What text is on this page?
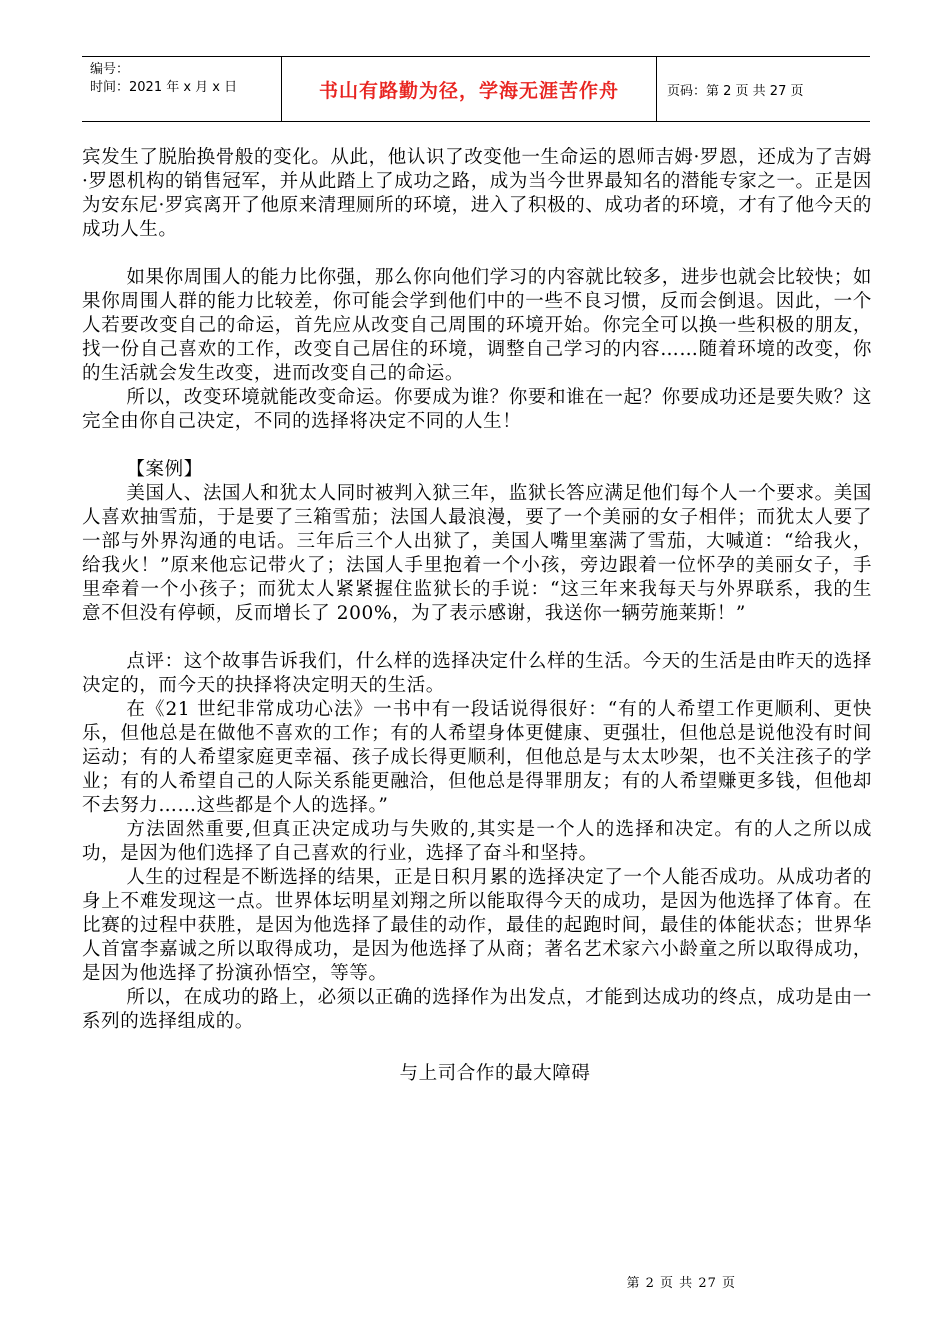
编号：
时间：2021 年 x 月 x 日	书山有路勤为径，学海无涯苦作舟	页码：第 2 页 共 27 页

宾发生了脱胎换骨般的变化。从此，他认识了改变他一生命运的恩师吉姆·罗恩，还成为了吉姆·罗恩机构的销售冠军，并从此踏上了成功之路，成为当今世界最知名的潜能专家之一。正是因为安东尼·罗宾离开了他原来清理厕所的环境，进入了积极的、成功者的环境，才有了他今天的成功人生。

如果你周围人的能力比你强，那么你向他们学习的内容就比较多，进步也就会比较快；如果你周围人群的能力比较差，你可能会学到他们中的一些不良习惯，反而会倒退。因此，一个人若要改变自己的命运，首先应从改变自己周围的环境开始。你完全可以换一些积极的朋友，找一份自己喜欢的工作，改变自己居住的环境，调整自己学习的内容……随着环境的改变，你的生活就会发生改变，进而改变自己的命运。

所以，改变环境就能改变命运。你要成为谁？你要和谁在一起？你要成功还是要失败？这完全由你自己决定，不同的选择将决定不同的人生！

【案例】

美国人、法国人和犹太人同时被判入狱三年，监狱长答应满足他们每个人一个要求。美国人喜欢抽雪茄，于是要了三箱雪茄；法国人最浪漫，要了一个美丽的女子相伴；而犹太人要了一部与外界沟通的电话。三年后三个人出狱了，美国人嘴里塞满了雪茄，大喊道：“给我火，给我火！”原来他忘记带火了；法国人手里抱着一个小孩，旁边跟着一位怀孕的美丽女子，手里牵着一个小孩子；而犹太人紧紧握住监狱长的手说：“这三年来我每天与外界联系，我的生意不但没有停顿，反而增长了 200%，为了表示感谢，我送你一辆劳施莱斯！”

点评：这个故事告诉我们，什么样的选择决定什么样的生活。今天的生活是由昨天的选择决定的，而今天的抉择将决定明天的生活。

在《21 世纪非常成功心法》一书中有一段话说得很好：“有的人希望工作更顺利、更快乐，但他总是在做他不喜欢的工作；有的人希望身体更健康、更强壮，但他总是说他没有时间运动；有的人希望家庭更幸福、孩子成长得更顺利，但他总是与太太吵架，也不关注孩子的学业；有的人希望自己的人际关系能更融洽，但他总是得罪朋友；有的人希望赚更多钱，但他却不去努力……这些都是个人的选择。”

方法固然重要,但真正决定成功与失败的,其实是一个人的选择和决定。有的人之所以成功，是因为他们选择了自己喜欢的行业，选择了奋斗和坚持。

人生的过程是不断选择的结果，正是日积月累的选择决定了一个人能否成功。从成功者的身上不难发现这一点。世界体坛明星刘翔之所以能取得今天的成功，是因为他选择了体育。在比赛的过程中获胜，是因为他选择了最佳的动作，最佳的起跑时间，最佳的体能状态；世界华人首富李嘉诚之所以取得成功，是因为他选择了从商；著名艺术家六小龄童之所以取得成功，是因为他选择了扮演孙悟空，等等。

所以，在成功的路上，必须以正确的选择作为出发点，才能到达成功的终点，成功是由一系列的选择组成的。

与上司合作的最大障碍

第 2 页 共 27 页
